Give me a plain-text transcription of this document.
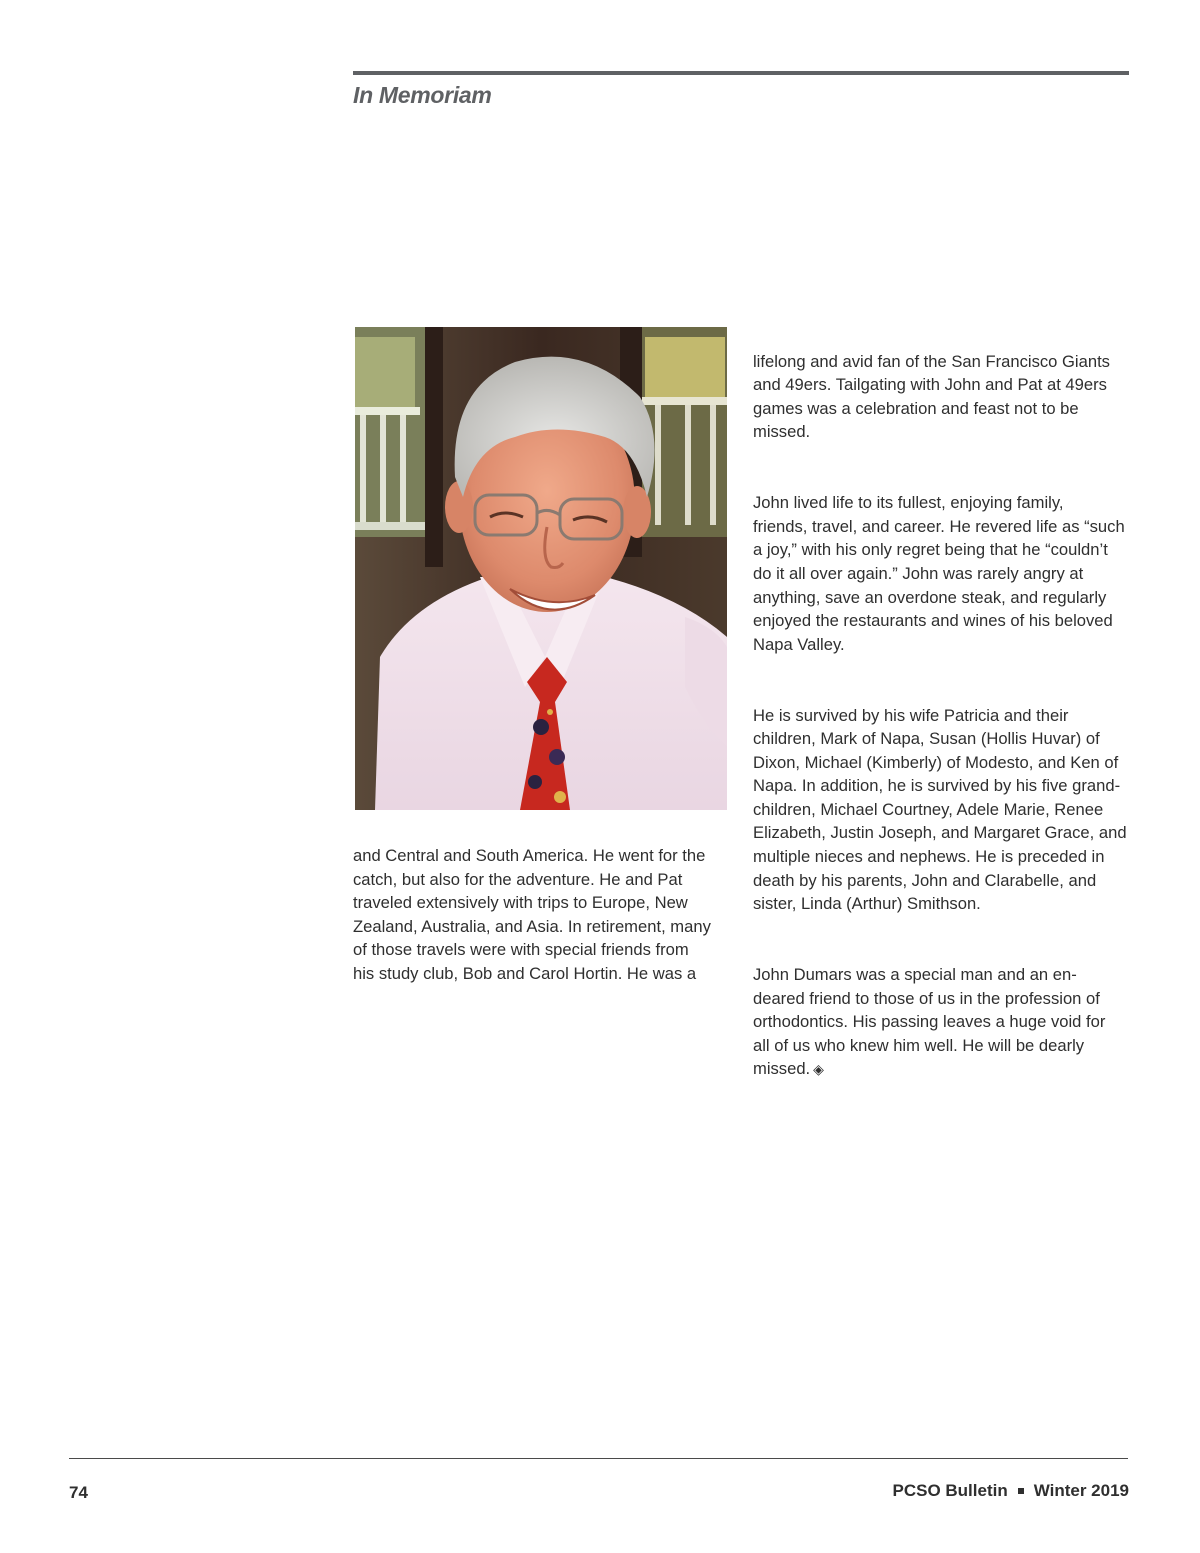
In Memoriam
and Central and South America. He went for the
catch, but also for the adventure. He and Pat
traveled extensively with trips to Europe, New
Zealand, Australia, and Asia. In retirement, many
of those travels were with special friends from
his study club, Bob and Carol Hortin. He was a

lifelong and avid fan of the San Francisco Giants
and 49ers. Tailgating with John and Pat at 49ers
games was a celebration and feast not to be
missed.

John lived life to its fullest, enjoying family,
friends, travel, and career. He revered life as “such
a joy,” with his only regret being that he “couldn’t
do it all over again.” John was rarely angry at
anything, save an overdone steak, and regularly
enjoyed the restaurants and wines of his beloved
Napa Valley.

He is survived by his wife Patricia and their
children, Mark of Napa, Susan (Hollis Huvar) of
Dixon, Michael (Kimberly) of Modesto, and Ken of
Napa. In addition, he is survived by his five grand-
children, Michael Courtney, Adele Marie, Renee
Elizabeth, Justin Joseph, and Margaret Grace, and
multiple nieces and nephews. He is preceded in
death by his parents, John and Clarabelle, and
sister, Linda (Arthur) Smithson.

John Dumars was a special man and an en-
deared friend to those of us in the profession of
orthodontics. His passing leaves a huge void for
all of us who knew him well. He will be dearly
missed. ◈

74	PCSO Bulletin Winter 2019
